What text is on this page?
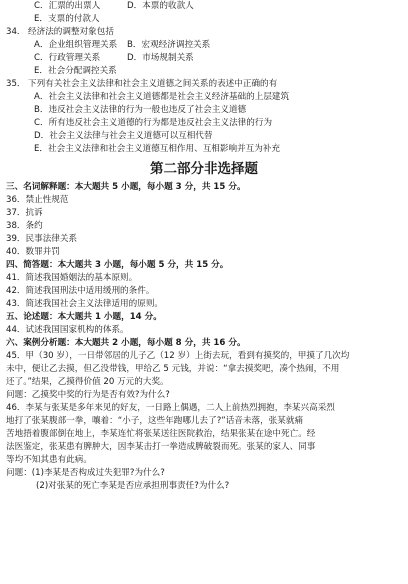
C．汇票的出票人	D．本票的收款人
E．支票的付款人
34． 经济法的调整对象包括
A．企业组织管理关系 B．宏观经济调控关系
C．行政管理关系	D．市场规制关系
E．社会分配调控关系
35． 下列有关社会主义法律和社会主义道德之间关系的表述中正确的有
A．社会主义法律和社会主义道德都是社会主义经济基础的上层建筑
B．违反社会主义法律的行为一般也违反了社会主义道德
C．所有违反社会主义道德的行为都是违反社会主义法律的行为
D．社会主义法律与社会主义道德可以互相代替
E．社会主义法律和社会主义道德互相作用、互相影响并互为补充
第二部分非选择题
三、名词解释题：本大题共 5 小题，每小题 3 分，共 15 分。
36．禁止性规范
37．抗诉
38．条约
39．民事法律关系
40．数罪并罚
四、简答题：本大题共 3 小题，每小题 5 分，共 15 分。
41．简述我国婚姻法的基本原则。
42．简述我国刑法中适用缓刑的条件。
43．简述我国社会主义法律适用的原则。
五、论述题：本大题共 1 小题，14 分。
44．试述我国国家机构的体系。
六、案例分析题：本大题共 2 小题，每小题 8 分，共 16 分。
45．甲（30 岁），一日带邻居的儿子乙（12 岁）上街去玩，看到有摸奖的，甲摸了几次均
未中，便让乙去摸，但乙没带钱，甲给乙 5 元钱，并说：“拿去摸奖吧，凑个热闹，不用
还了。”结果，乙摸得价值 20 万元的大奖。
问题：乙摸奖中奖的行为是否有效?为什么?
46．李某与张某是多年来见的好友，一日路上偶遇，二人上前热烈拥抱，李某兴高采烈
地打了张某腹部一拳，嚷着：“小子，这些年跑哪儿去了?”话音未落，张某就痛
苦地捂着腹部倒在地上，李某连忙将张某送往医院救治，结果张某在途中死亡。经
法医鉴定，张某患有脾肿大，因李某击打一拳造成脾破裂而死。张某的家人、同事
等均不知其患有此病。
问题：(1)李某是否构成过失犯罪?为什么?
(2)对张某的死亡李某是否应承担刑事责任?为什么?
